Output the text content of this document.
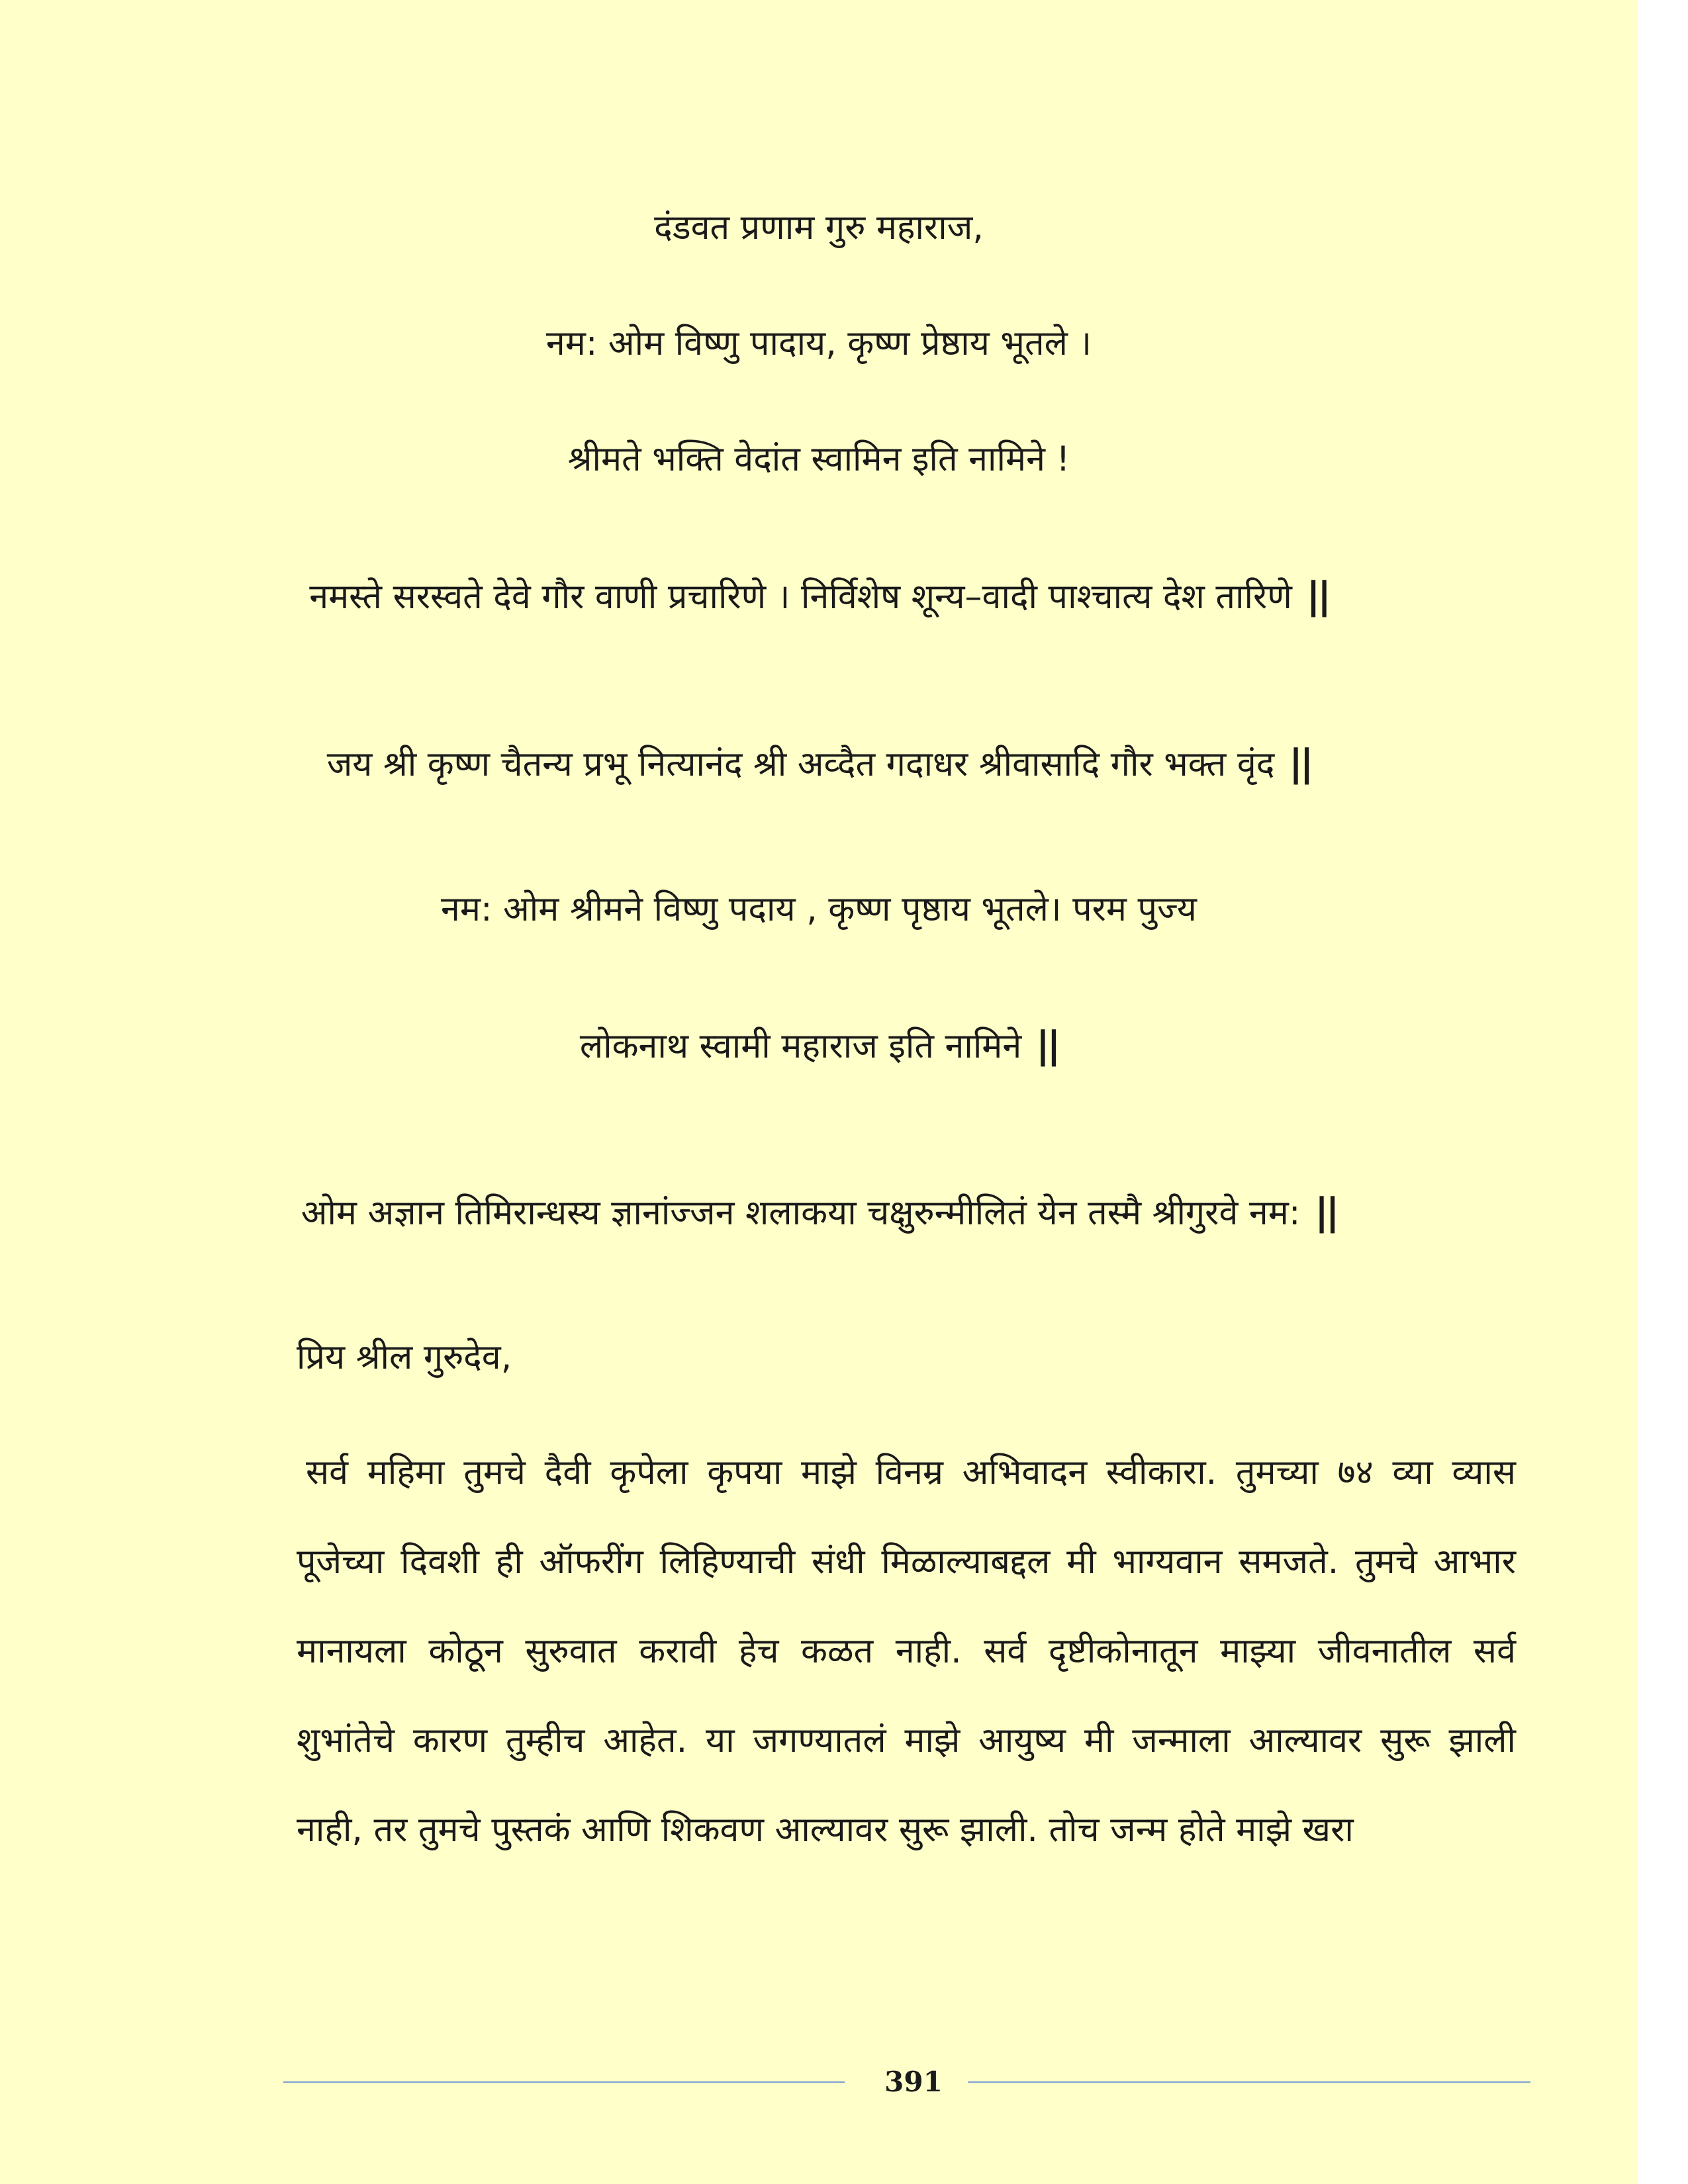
दंडवत प्रणाम गुरु महाराज,
नम: ओम विष्णु पादाय, कृष्ण प्रेष्ठाय भूतले ।
श्रीमते भक्ति वेदांत स्वामिन इति नामिने !
नमस्ते सरस्वते देवे गौर वाणी प्रचारिणे । निर्विशेष शून्य–वादी पाश्चात्य देश तारिणे ||
जय श्री कृष्ण चैतन्य प्रभू नित्यानंद श्री अव्दैत गदाधर श्रीवासादि गौर भक्त वृंद ||
नम: ओम श्रीमने विष्णु पदाय , कृष्ण पृष्ठाय भूतले। परम पुज्य
लोकनाथ स्वामी महाराज इति नामिने ||
ओम अज्ञान तिमिरान्धस्य ज्ञानांज्जन शलाकया चक्षुरुन्मीलितं येन तस्मै श्रीगुरवे नम: ||
प्रिय श्रील गुरुदेव,
सर्व महिमा तुमचे दैवी कृपेला कृपया माझे विनम्र अभिवादन स्वीकारा. तुमच्या ७४ व्या व्यास
पूजेच्या दिवशी ही ऑफरींग लिहिण्याची संधी मिळाल्याबद्दल मी भाग्यवान समजते. तुमचे आभार
मानायला कोठून सुरुवात करावी हेच कळत नाही. सर्व दृष्टीकोनातून माझ्या जीवनातील सर्व
शुभांतेचे कारण तुम्हीच आहेत. या जगण्यातलं माझे आयुष्य मी जन्माला आल्यावर सुरू झाली
नाही, तर तुमचे पुस्तकं आणि शिकवण आल्यावर सुरू झाली. तोच जन्म होते माझे खरा
391
